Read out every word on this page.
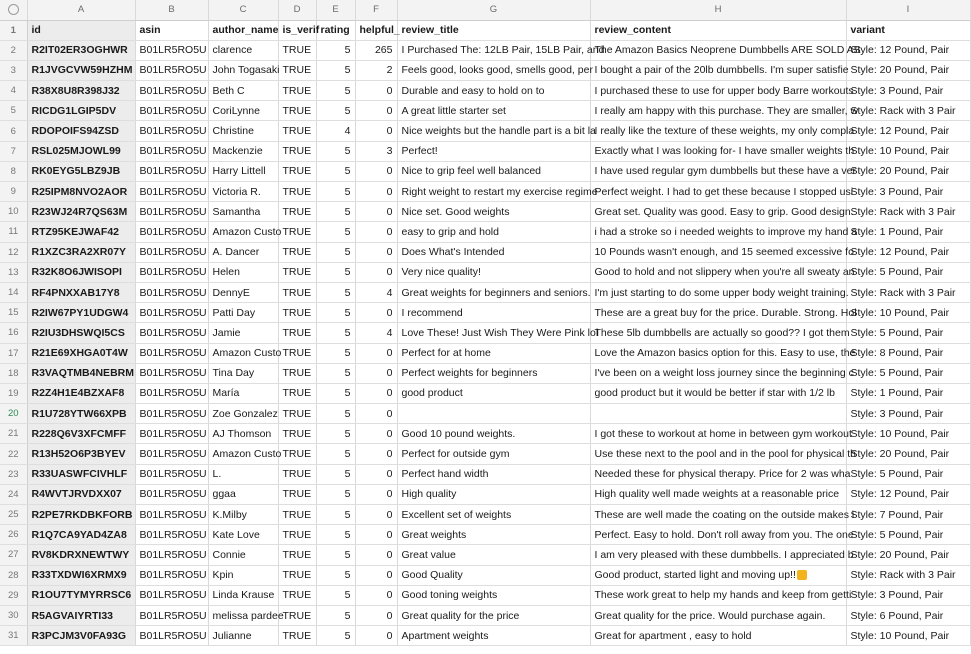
	A	B	C	D	E	F	G	H	I
1	id	asin	author_name	is_verif	rating	helpful_	review_title	review_content	variant
2	R2IT02ER3OGHWR	B01LR5RO5U	clarence	TRUE	5	265	I Purchased The: 12LB Pair, 15LB Pair, and	The Amazon Basics Neoprene Dumbbells ARE SOLD AS	Style: 12 Pound, Pair
3	R1JVGCVW59HZHM	B01LR5RO5U	John Togasaki	TRUE	5	2	Feels good, looks good, smells good, per	I bought a pair of the 20lb dumbbells. I'm super satisfie	Style: 20 Pound, Pair
4	R38X8U8R398J32	B01LR5RO5U	Beth C	TRUE	5	0	Durable and easy to hold on to	I purchased these to use for upper body Barre workouts	Style: 3 Pound, Pair
5	RICDG1LGIP5DV	B01LR5RO5U	CoriLynne	TRUE	5	0	A great little starter set	I really am happy with this purchase. They are smaller, w	Style: Rack with 3 Pair
6	RDOPOIFS94ZSD	B01LR5RO5U	Christine	TRUE	4	0	Nice weights but the handle part is a bit la	I really like the texture of these weights, my only compla	Style: 12 Pound, Pair
7	RSL025MJOWL99	B01LR5RO5U	Mackenzie	TRUE	5	3	Perfect!	Exactly what I was looking for- I have smaller weights th	Style: 10 Pound, Pair
8	RK0EYG5LBZ9JB	B01LR5RO5U	Harry Littell	TRUE	5	0	Nice to grip feel well balanced	I have used regular gym dumbbells but these have a ver	Style: 20 Pound, Pair
9	R25IPM8NVO2AOR	B01LR5RO5U	Victoria R.	TRUE	5	0	Right weight to restart my exercise regime	Perfect weight. I had to get these because I stopped usi	Style: 3 Pound, Pair
10	R23WJ24R7QS63M	B01LR5RO5U	Samantha	TRUE	5	0	Nice set. Good weights	Great set. Quality was good. Easy to grip. Good design.	Style: Rack with 3 Pair
11	RTZ95KEJWAF42	B01LR5RO5U	Amazon Custo	TRUE	5	0	easy to grip and hold	i had a stroke so i needed weights to improve my hand a	Style: 1 Pound, Pair
12	R1XZC3RA2XR07Y	B01LR5RO5U	A. Dancer	TRUE	5	0	Does What's Intended	10 Pounds wasn't enough, and 15 seemed excessive fo	Style: 12 Pound, Pair
13	R32K8O6JWISOPI	B01LR5RO5U	Helen	TRUE	5	0	Very nice quality!	Good to hold and not slippery when you're all sweaty an	Style: 5 Pound, Pair
14	RF4PNXXAB17Y8	B01LR5RO5U	DennyE	TRUE	5	4	Great weights for beginners and seniors.	I'm just starting to do some upper body weight training.	Style: Rack with 3 Pair
15	R2IW67PY1UDGW4	B01LR5RO5U	Patti Day	TRUE	5	0	I recommend	These are a great buy for the price. Durable. Strong. Hol	Style: 10 Pound, Pair
16	R2IU3DHSWQI5CS	B01LR5RO5U	Jamie	TRUE	5	4	Love These! Just Wish They Were Pink lol	These 5lb dumbbells are actually so good?? I got them	Style: 5 Pound, Pair
17	R21E69XHGA0T4W	B01LR5RO5U	Amazon Custo	TRUE	5	0	Perfect for at home	Love the Amazon basics option for this. Easy to use, the	Style: 8 Pound, Pair
18	R3VAQTMB4NEBRM	B01LR5RO5U	Tina Day	TRUE	5	0	Perfect weights for beginners	I've been on a weight loss journey since the beginning c	Style: 5 Pound, Pair
19	R2Z4H1E4BZXAF8	B01LR5RO5U	María	TRUE	5	0	good product	good product but it would be better if star with 1/2 lb	Style: 1 Pound, Pair
20	R1U728YTW66XPB	B01LR5RO5U	Zoe Gonzalez	TRUE	5	0			Style: 3 Pound, Pair
21	R228Q6V3XFCMFF	B01LR5RO5U	AJ Thomson	TRUE	5	0	Good 10 pound weights.	I got these to workout at home in between gym workout	Style: 10 Pound, Pair
22	R13H52O6P3BYEV	B01LR5RO5U	Amazon Custo	TRUE	5	0	Perfect for outside gym	Use these next to the pool and in the pool for physical th	Style: 20 Pound, Pair
23	R33UASWFCIVHLF	B01LR5RO5U	L.	TRUE	5	0	Perfect hand width	Needed these for physical therapy. Price for 2 was wha	Style: 5 Pound, Pair
24	R4WVTJRVDXX07	B01LR5RO5U	ggaa	TRUE	5	0	High quality	High quality well made weights at a reasonable price	Style: 12 Pound, Pair
25	R2PE7RKDBKFORB	B01LR5RO5U	K.Milby	TRUE	5	0	Excellent set of weights	These are well made the coating on the outside makes i	Style: 7 Pound, Pair
26	R1Q7CA9YAD4ZA8	B01LR5RO5U	Kate Love	TRUE	5	0	Great weights	Perfect. Easy to hold. Don't roll away from you. The one	Style: 5 Pound, Pair
27	RV8KDRXNEWTWY	B01LR5RO5U	Connie	TRUE	5	0	Great value	I am very pleased with these dumbbells. I appreciated b	Style: 20 Pound, Pair
28	R33TXDWI6XRMX9	B01LR5RO5U	Kpin	TRUE	5	0	Good Quality	Good product, started light and moving up!!	Style: Rack with 3 Pair
29	R1OU7TYMYRRSC6	B01LR5RO5U	Linda Krause	TRUE	5	0	Good toning weights	These work great to help my hands and keep from getti	Style: 3 Pound, Pair
30	R5AGVAIYRTI33	B01LR5RO5U	melissa pardee	TRUE	5	0	Great quality for the price	Great quality for the price. Would purchase again.	Style: 6 Pound, Pair
31	R3PCJM3V0FA93G	B01LR5RO5U	Julianne	TRUE	5	0	Apartment weights	Great for apartment , easy to hold	Style: 10 Pound, Pair
